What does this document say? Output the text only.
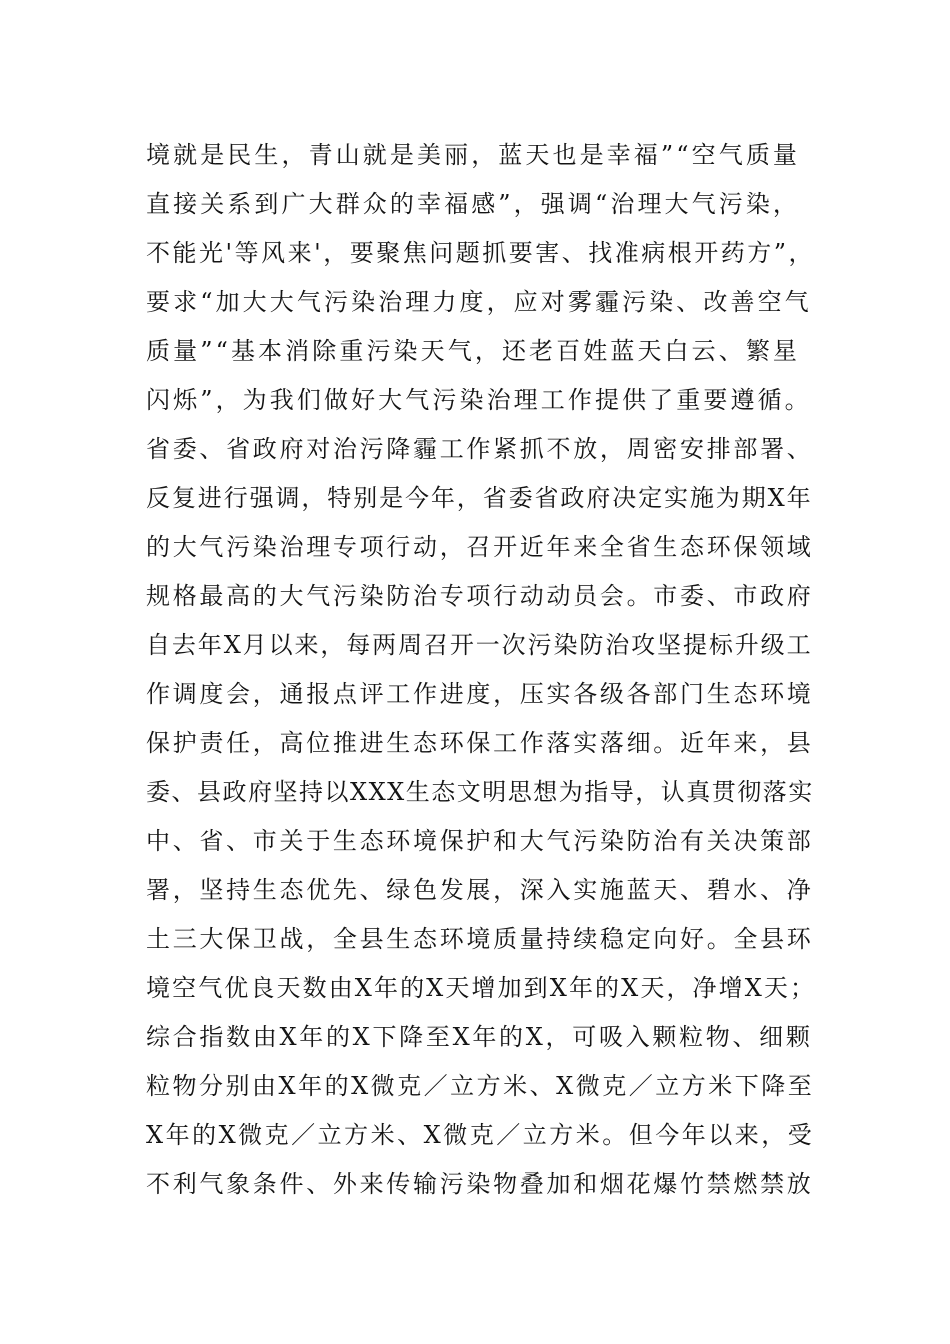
境就是民生，青山就是美丽，蓝天也是幸福”“空气质量
直接关系到广大群众的幸福感”，强调“治理大气污染，
不能光'等风来'，要聚焦问题抓要害、找准病根开药方”，
要求“加大大气污染治理力度，应对雾霾污染、改善空气
质量”“基本消除重污染天气，还老百姓蓝天白云、繁星
闪烁”，为我们做好大气污染治理工作提供了重要遵循。
省委、省政府对治污降霾工作紧抓不放，周密安排部署、
反复进行强调，特别是今年，省委省政府决定实施为期X年
的大气污染治理专项行动，召开近年来全省生态环保领域
规格最高的大气污染防治专项行动动员会。市委、市政府
自去年X月以来，每两周召开一次污染防治攻坚提标升级工
作调度会，通报点评工作进度，压实各级各部门生态环境
保护责任，高位推进生态环保工作落实落细。近年来，县
委、县政府坚持以XXX生态文明思想为指导，认真贯彻落实
中、省、市关于生态环境保护和大气污染防治有关决策部
署，坚持生态优先、绿色发展，深入实施蓝天、碧水、净
土三大保卫战，全县生态环境质量持续稳定向好。全县环
境空气优良天数由X年的X天增加到X年的X天，净增X天；
综合指数由X年的X下降至X年的X，可吸入颗粒物、细颗
粒物分别由X年的X微克／立方米、X微克／立方米下降至
X年的X微克／立方米、X微克／立方米。但今年以来，受
不利气象条件、外来传输污染物叠加和烟花爆竹禁燃禁放
